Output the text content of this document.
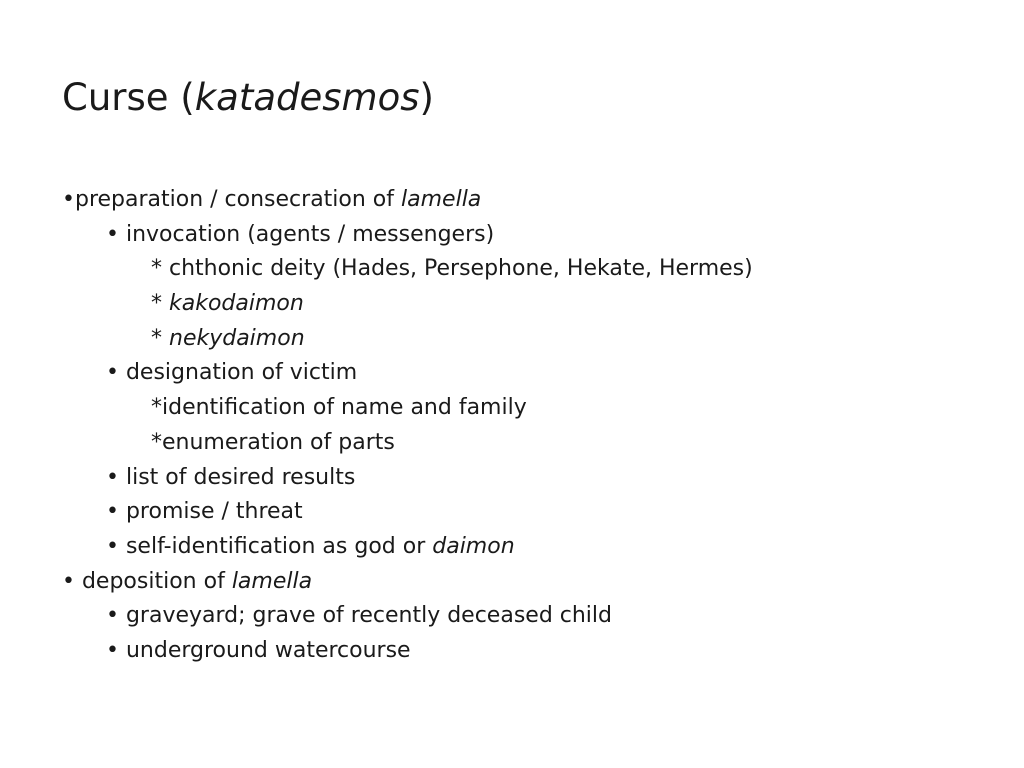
Curse (katadesmos)
•preparation / consecration of lamella
• invocation (agents / messengers)
* chthonic deity (Hades, Persephone, Hekate, Hermes)
* kakodaimon
* nekydaimon
• designation of victim
*identification of name and family
*enumeration of parts
• list of desired results
• promise / threat
• self-identification as god or daimon
• deposition of lamella
• graveyard; grave of recently deceased child
• underground watercourse
